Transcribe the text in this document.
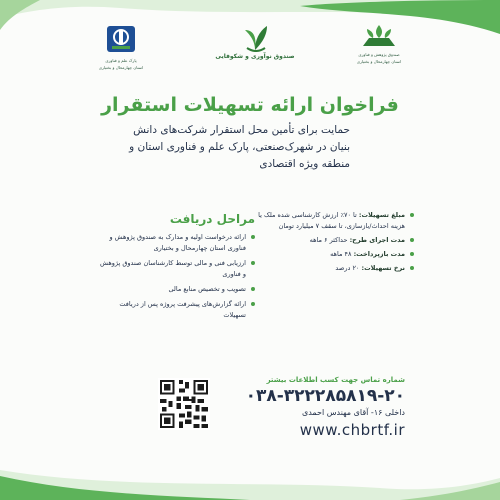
پارک علم و فناوری
استان چهارمحال و بختیاری
صندوق نوآوری و شکوفایی	صندوق پژوهش و فناوری
استان چهارمحال و بختیاری
فراخوان ارائه تسهیلات استقرار
حمایت برای تأمین محل استقرار شرکت‌های دانش بنیان در شهرک‌صنعتی، پارک علم و فناوری استان و منطقه ویژه اقتصادی
مراحل دریافت
ارائه درخواست اولیه و مدارک به صندوق پژوهش و فناوری استان چهارمحال و بختیاری
ارزیابی فنی و مالی توسط کارشناسان صندوق پژوهش و فناوری
تصویب و تخصیص منابع مالی
ارائه گزارش‌های پیشرفت پروژه پس از دریافت تسهیلات
مبلغ تسهیلات: تا ۷۰٪ ارزش کارشناسی شده ملک یا هزینه احداث/بازسازی، تا سقف ۷ میلیارد تومان
مدت اجرای طرح: حداکثر ۶ ماهه
مدت بازپرداخت: ۴۸ ماهه
نرخ تسهیلات: ۲۰ درصد
شماره تماس جهت کسب اطلاعات بیشتر
۰۳۸-۳۲۲۲۸۵۸۱۹-۲۰
داخلی ۱۶- آقای مهندس احمدی
www.chbrtf.ir
